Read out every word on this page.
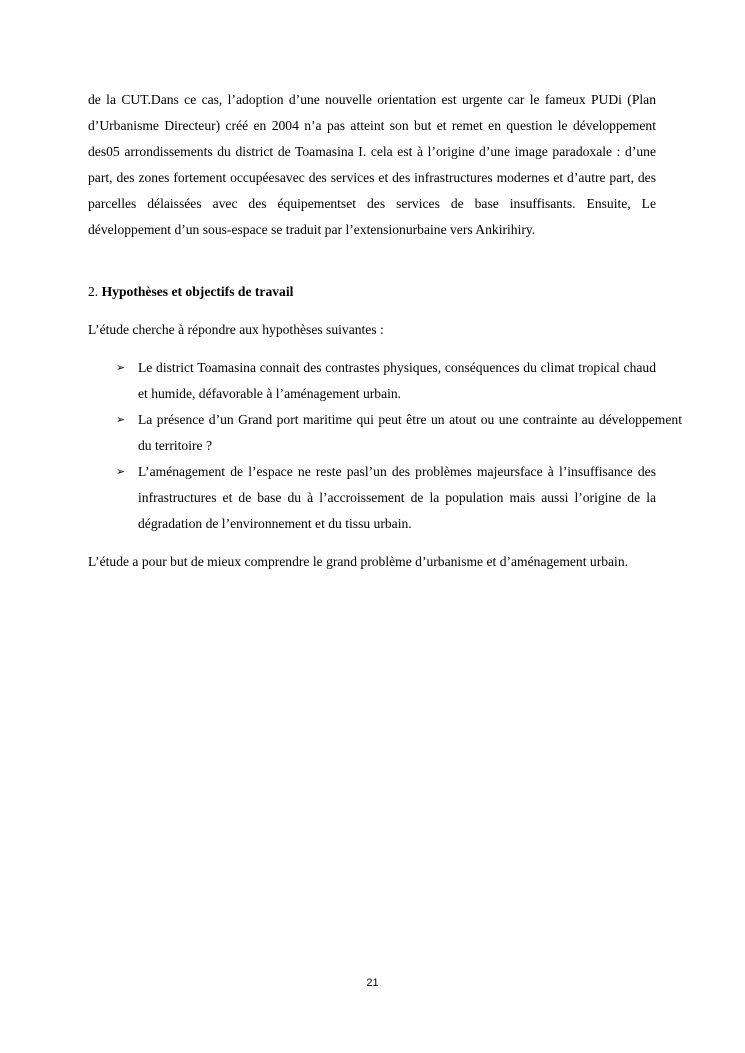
de la CUT.Dans ce cas, l’adoption d’une nouvelle orientation est urgente car le fameux PUDi (Plan d’Urbanisme Directeur) créé en 2004 n’a pas atteint son but et remet en question le développement des05 arrondissements du district de Toamasina I. cela est à l’origine d’une image paradoxale : d’une part, des zones fortement occupéesavec des services et des infrastructures modernes et d’autre part, des parcelles délaissées avec des équipementset des services de base insuffisants. Ensuite, Le développement d’un sous-espace se traduit par l’extensionurbaine vers Ankirihiry.

2. Hypothèses et objectifs de travail

L’étude cherche à répondre aux hypothèses suivantes :

➢ Le district Toamasina connait des contrastes physiques, conséquences du climat tropical chaud et humide, défavorable à l’aménagement urbain.
➢ La présence d’un Grand port maritime qui peut être un atout ou une contrainte au développement du territoire ?
➢ L’aménagement de l’espace ne reste pasl’un des problèmes majeursface à l’insuffisance des infrastructures et de base du à l’accroissement de la population mais aussi l’origine de la dégradation de l’environnement et du tissu urbain.

L’étude a pour but de mieux comprendre le grand problème d’urbanisme et d’aménagement urbain.

21
